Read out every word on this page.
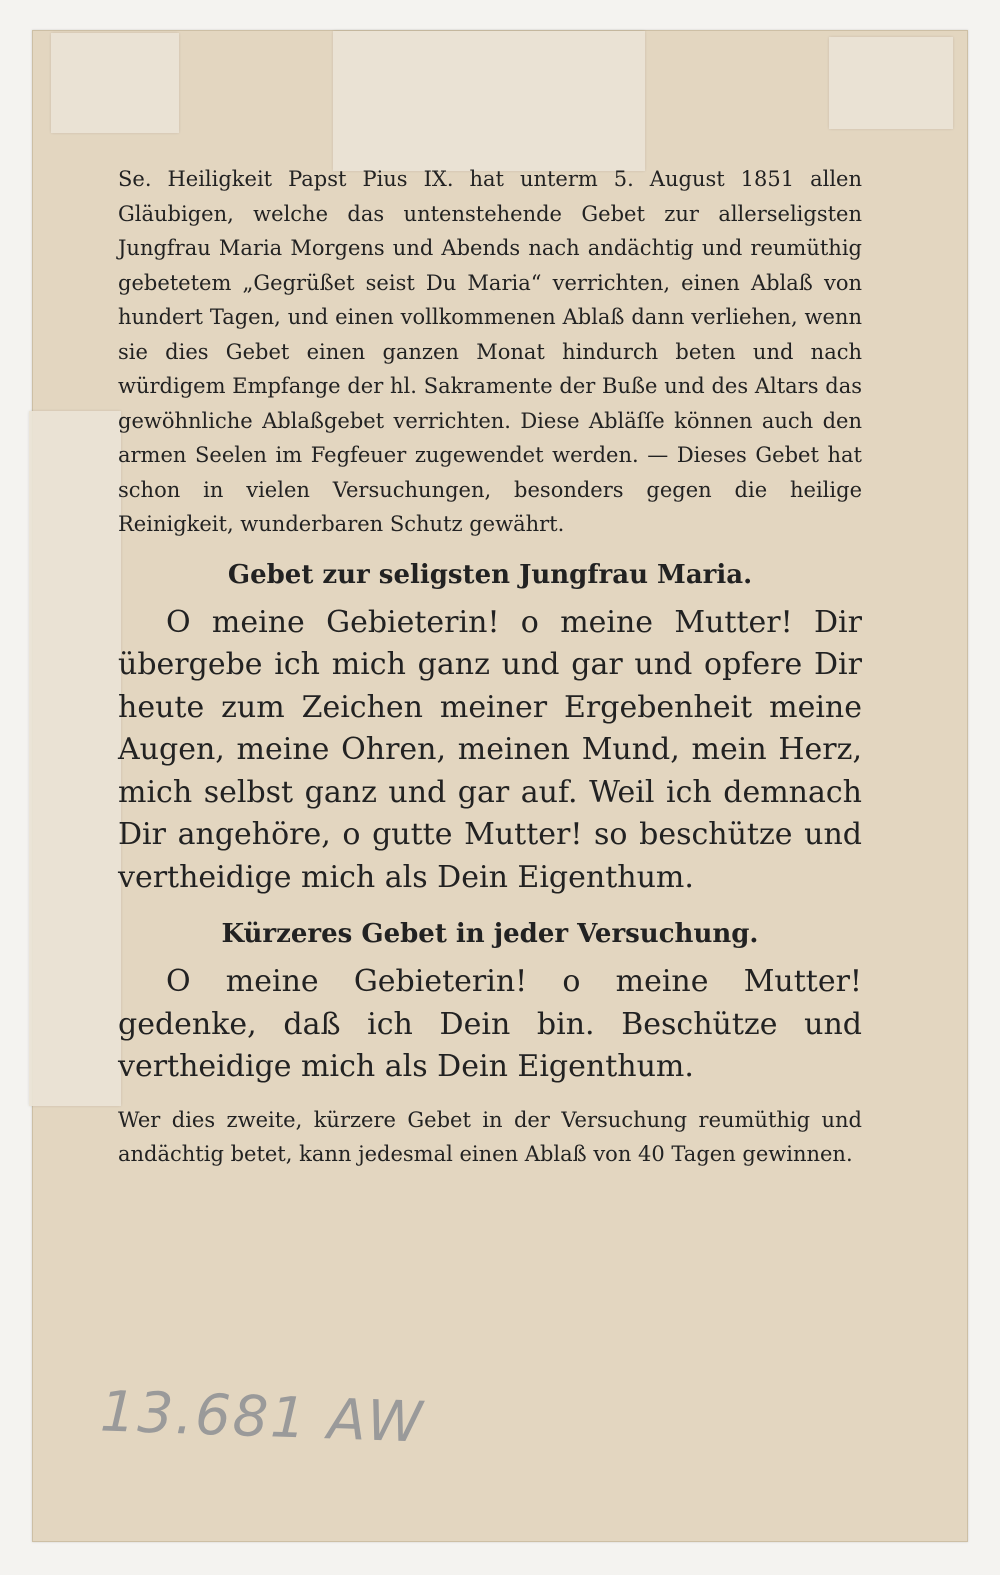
Se. Heiligkeit Papst Pius IX. hat unterm 5. August 1851 allen Gläubigen, welche das untenstehende Gebet zur allerseligsten Jungfrau Maria Morgens und Abends nach andächtig und reumüthig gebetetem „Gegrüßet seist Du Maria“ verrichten, einen Ablaß von hundert Tagen, und einen vollkommenen Ablaß dann verliehen, wenn sie dies Gebet einen ganzen Monat hindurch beten und nach würdigem Empfange der hl. Sakramente der Buße und des Altars das gewöhnliche Ablaßgebet verrichten. Diese Abläſſe können auch den armen Seelen im Fegfeuer zugewendet werden. — Dieses Gebet hat schon in vielen Versuchungen, besonders gegen die heilige Reinigkeit, wunderbaren Schutz gewährt.

Gebet zur seligsten Jungfrau Maria.

O meine Gebieterin! o meine Mutter! Dir übergebe ich mich ganz und gar und opfere Dir heute zum Zeichen meiner Ergebenheit meine Augen, meine Ohren, meinen Mund, mein Herz, mich selbst ganz und gar auf. Weil ich demnach Dir angehöre, o gutte Mutter! so beschütze und vertheidige mich als Dein Eigenthum.

Kürzeres Gebet in jeder Versuchung.

O meine Gebieterin! o meine Mutter! gedenke, daß ich Dein bin. Beschütze und vertheidige mich als Dein Eigenthum.

Wer dies zweite, kürzere Gebet in der Versuchung reumüthig und andächtig betet, kann jedesmal einen Ablaß von 40 Tagen gewinnen.

13.681 AW
